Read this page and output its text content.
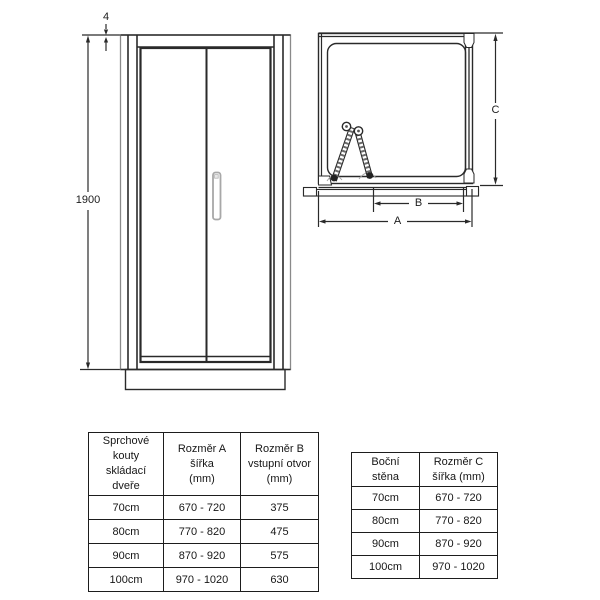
4
1900
C
B
A
Sprchové
kouty
skládací dveře	Rozměr A
šířka
(mm)	Rozměr B
vstupní otvor
(mm)

70cm	670 - 720	375
80cm	770 - 820	475
90cm	870 - 920	575
100cm	970 - 1020	630
Boční
stěna	Rozměr C
šířka (mm)

70cm	670 - 720
80cm	770 - 820
90cm	870 - 920
100cm	970 - 1020
